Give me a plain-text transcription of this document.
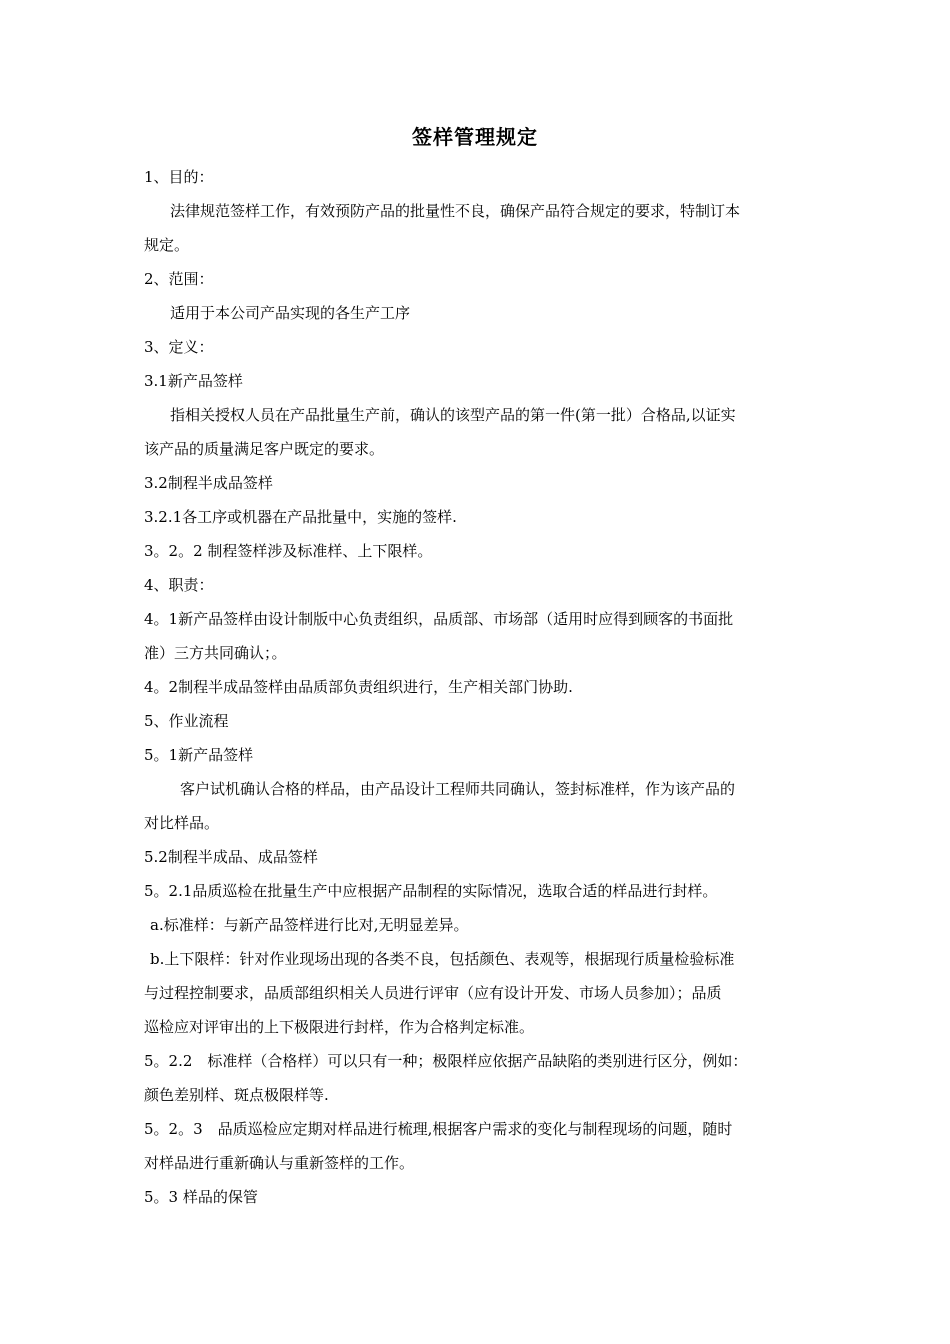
签样管理规定
1、目的：
法律规范签样工作，有效预防产品的批量性不良，确保产品符合规定的要求，特制订本
规定。
2、范围：
适用于本公司产品实现的各生产工序
3、定义：
3.1新产品签样
指相关授权人员在产品批量生产前，确认的该型产品的第一件(第一批）合格品,以证实
该产品的质量满足客户既定的要求。
3.2制程半成品签样
3.2.1各工序或机器在产品批量中，实施的签样.
3。2。2 制程签样涉及标准样、上下限样。
4、职责：
4。1新产品签样由设计制版中心负责组织，品质部、市场部（适用时应得到顾客的书面批
准）三方共同确认；。
4。2制程半成品签样由品质部负责组织进行，生产相关部门协助.
5、作业流程
5。1新产品签样
客户试机确认合格的样品，由产品设计工程师共同确认，签封标准样，作为该产品的
对比样品。
5.2制程半成品、成品签样
5。2.1品质巡检在批量生产中应根据产品制程的实际情况，选取合适的样品进行封样。
a.标准样：与新产品签样进行比对,无明显差异。
b.上下限样：针对作业现场出现的各类不良，包括颜色、表观等，根据现行质量检验标准
与过程控制要求，品质部组织相关人员进行评审（应有设计开发、市场人员参加）；品质
巡检应对评审出的上下极限进行封样，作为合格判定标准。
5。2.2　标准样（合格样）可以只有一种；极限样应依据产品缺陷的类别进行区分，例如：
颜色差别样、斑点极限样等.
5。2。3　品质巡检应定期对样品进行梳理,根据客户需求的变化与制程现场的问题，随时
对样品进行重新确认与重新签样的工作。
5。3 样品的保管
